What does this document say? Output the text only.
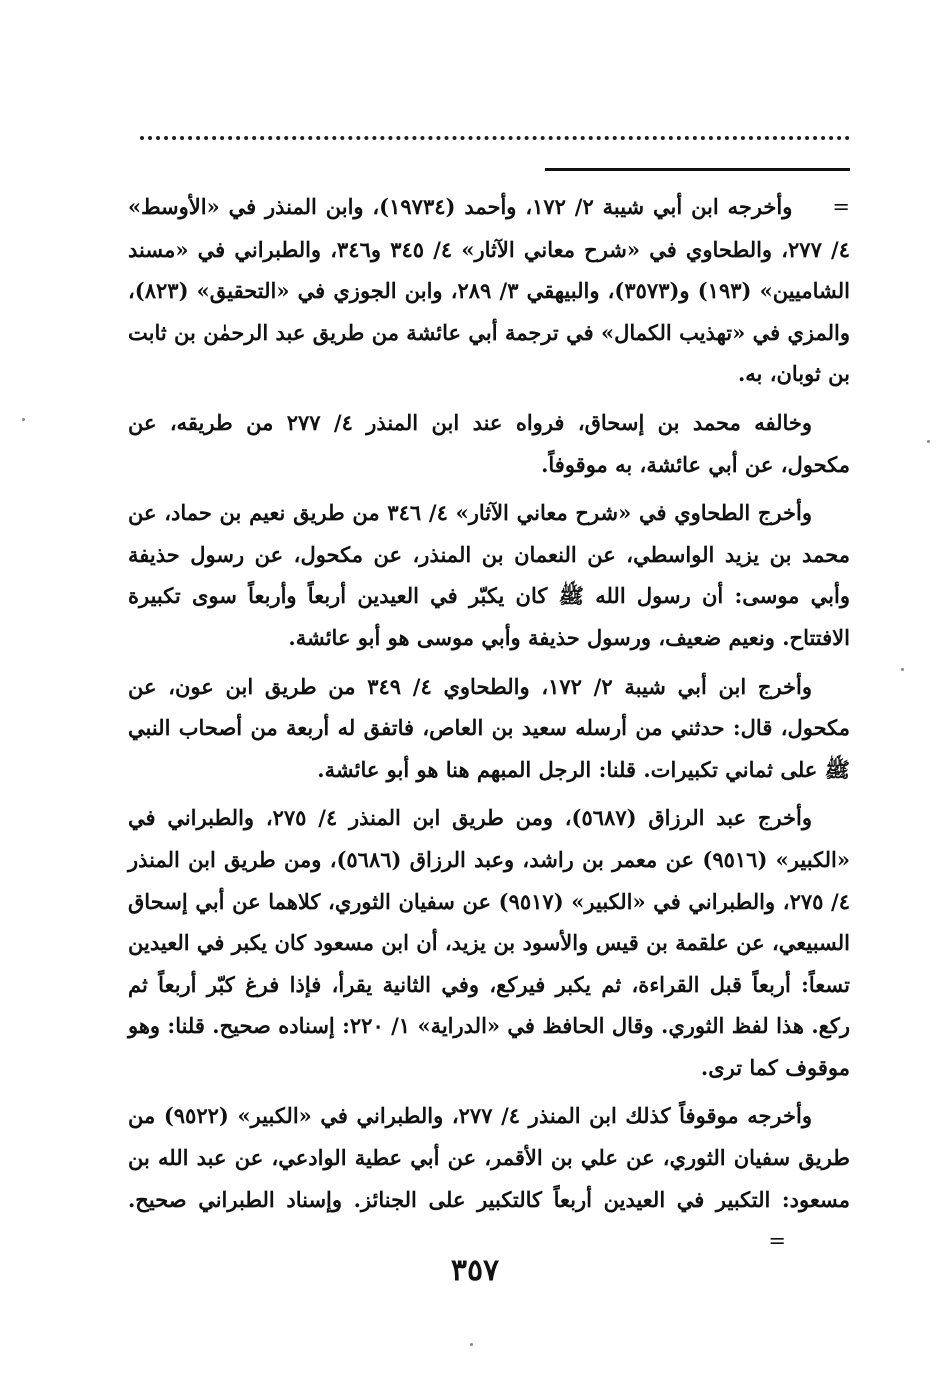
=وأخرجه ابن أبي شيبة ٢/ ١٧٢، وأحمد (١٩٧٣٤)، وابن المنذر في «الأوسط» ٤/ ٢٧٧، والطحاوي في «شرح معاني الآثار» ٤/ ٣٤٥ و٣٤٦، والطبراني في «مسند الشاميين» (١٩٣) و(٣٥٧٣)، والبيهقي ٣/ ٢٨٩، وابن الجوزي في «التحقيق» (٨٢٣)، والمزي في «تهذيب الكمال» في ترجمة أبي عائشة من طريق عبد الرحمٰن بن ثابت بن ثوبان، به.

وخالفه محمد بن إسحاق، فرواه عند ابن المنذر ٤/ ٢٧٧ من طريقه، عن مكحول، عن أبي عائشة، به موقوفاً.

وأخرج الطحاوي في «شرح معاني الآثار» ٤/ ٣٤٦ من طريق نعيم بن حماد، عن محمد بن يزيد الواسطي، عن النعمان بن المنذر، عن مكحول، عن رسول حذيفة وأبي موسى: أن رسول الله ﷺ كان يكبّر في العيدين أربعاً وأربعاً سوى تكبيرة الافتتاح. ونعيم ضعيف، ورسول حذيفة وأبي موسى هو أبو عائشة.

وأخرج ابن أبي شيبة ٢/ ١٧٢، والطحاوي ٤/ ٣٤٩ من طريق ابن عون، عن مكحول، قال: حدثني من أرسله سعيد بن العاص، فاتفق له أربعة من أصحاب النبي ﷺ على ثماني تكبيرات. قلنا: الرجل المبهم هنا هو أبو عائشة.

وأخرج عبد الرزاق (٥٦٨٧)، ومن طريق ابن المنذر ٤/ ٢٧٥، والطبراني في «الكبير» (٩٥١٦) عن معمر بن راشد، وعبد الرزاق (٥٦٨٦)، ومن طريق ابن المنذر ٤/ ٢٧٥، والطبراني في «الكبير» (٩٥١٧) عن سفيان الثوري، كلاهما عن أبي إسحاق السبيعي، عن علقمة بن قيس والأسود بن يزيد، أن ابن مسعود كان يكبر في العيدين تسعاً: أربعاً قبل القراءة، ثم يكبر فيركع، وفي الثانية يقرأ، فإذا فرغ كبّر أربعاً ثم ركع. هذا لفظ الثوري. وقال الحافظ في «الدراية» ١/ ٢٢٠: إسناده صحيح. قلنا: وهو موقوف كما ترى.

وأخرجه موقوفاً كذلك ابن المنذر ٤/ ٢٧٧، والطبراني في «الكبير» (٩٥٢٢) من طريق سفيان الثوري، عن علي بن الأقمر، عن أبي عطية الوادعي، عن عبد الله بن مسعود: التكبير في العيدين أربعاً كالتكبير على الجنائز. وإسناد الطبراني صحيح.=

٣٥٧
